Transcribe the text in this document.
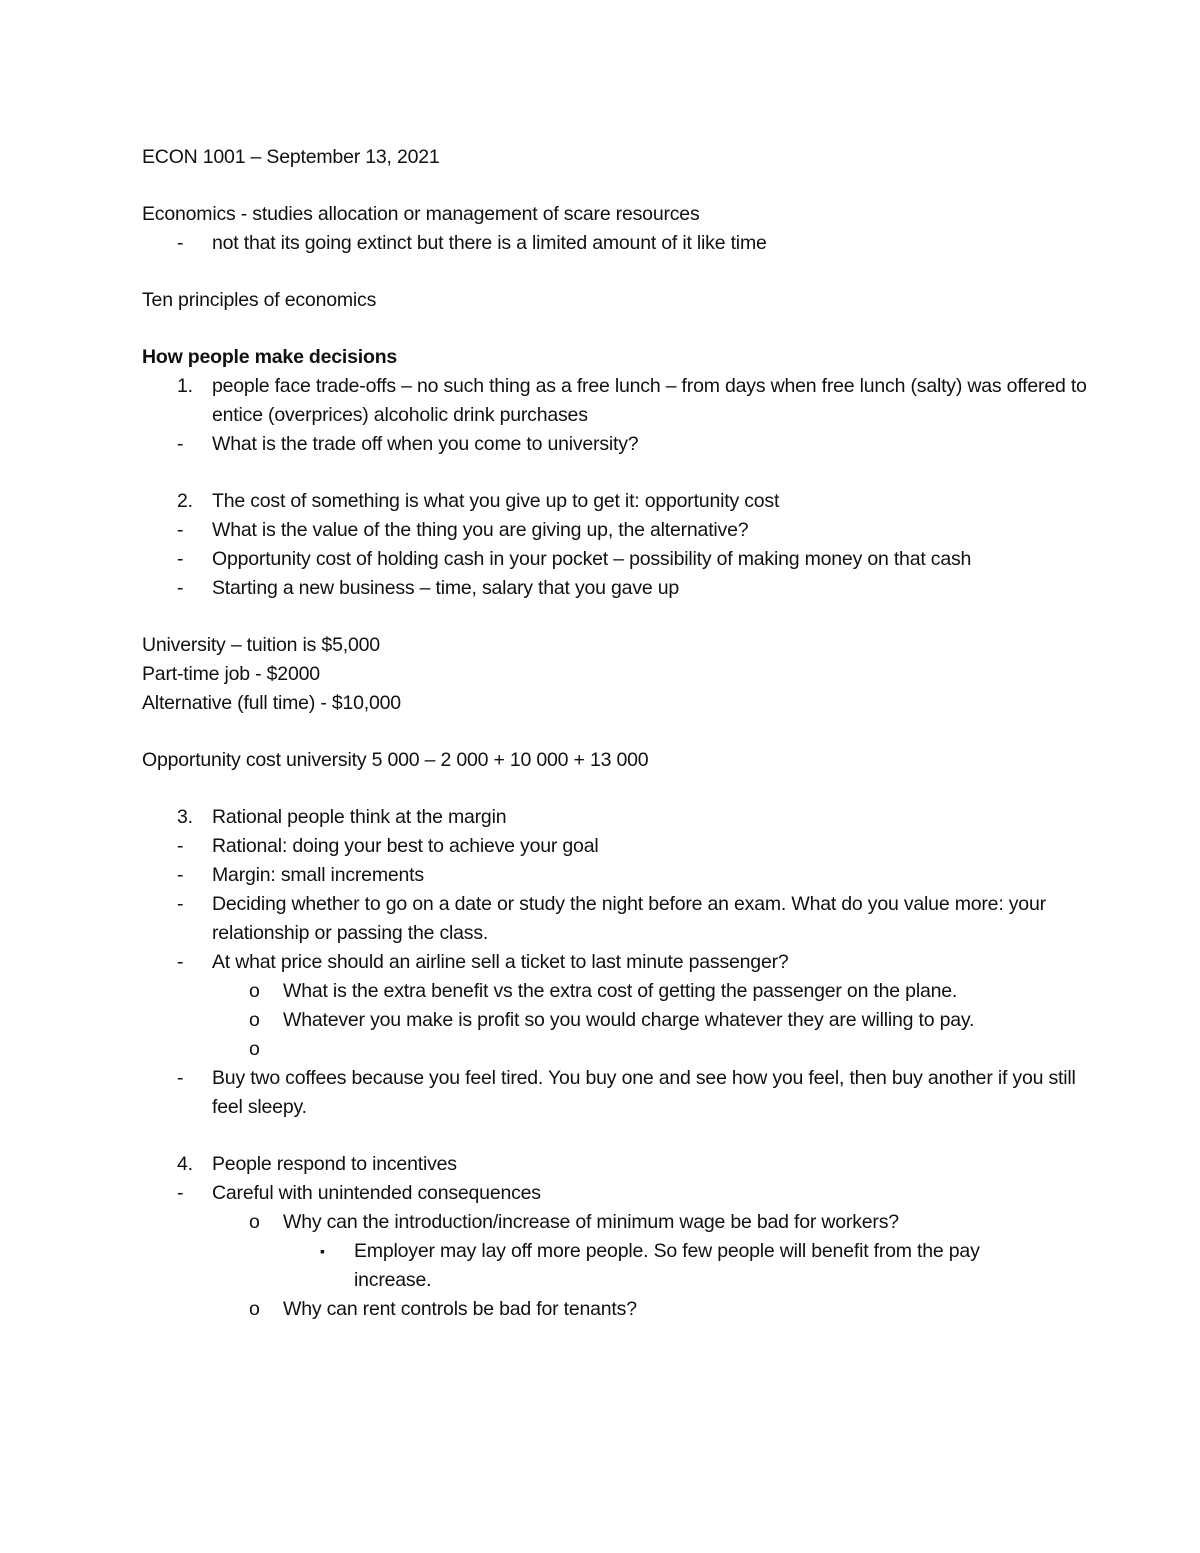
ECON 1001 – September 13, 2021

Economics - studies allocation or management of scare resources

- not that its going extinct but there is a limited amount of it like time

Ten principles of economics

How people make decisions

1. people face trade-offs – no such thing as a free lunch – from days when free lunch (salty) was offered to entice (overprices) alcoholic drink purchases
- What is the trade off when you come to university?
2. The cost of something is what you give up to get it: opportunity cost
- What is the value of the thing you are giving up, the alternative?
- Opportunity cost of holding cash in your pocket – possibility of making money on that cash
- Starting a new business – time, salary that you gave up

University – tuition is $5,000

Part-time job - $2000

Alternative (full time) - $10,000

Opportunity cost university 5 000 – 2 000 + 10 000 + 13 000

3. Rational people think at the margin
- Rational: doing your best to achieve your goal
- Margin: small increments
- Deciding whether to go on a date or study the night before an exam. What do you value more: your relationship or passing the class.
- At what price should an airline sell a ticket to last minute passenger?
o What is the extra benefit vs the extra cost of getting the passenger on the plane.
o Whatever you make is profit so you would charge whatever they are willing to pay.
o

- Buy two coffees because you feel tired. You buy one and see how you feel, then buy another if you still feel sleepy.
4. People respond to incentives
- Careful with unintended consequences
o Why can the introduction/increase of minimum wage be bad for workers?
▪ Employer may lay off more people. So few people will benefit from the pay increase.
o Why can rent controls be bad for tenants?
